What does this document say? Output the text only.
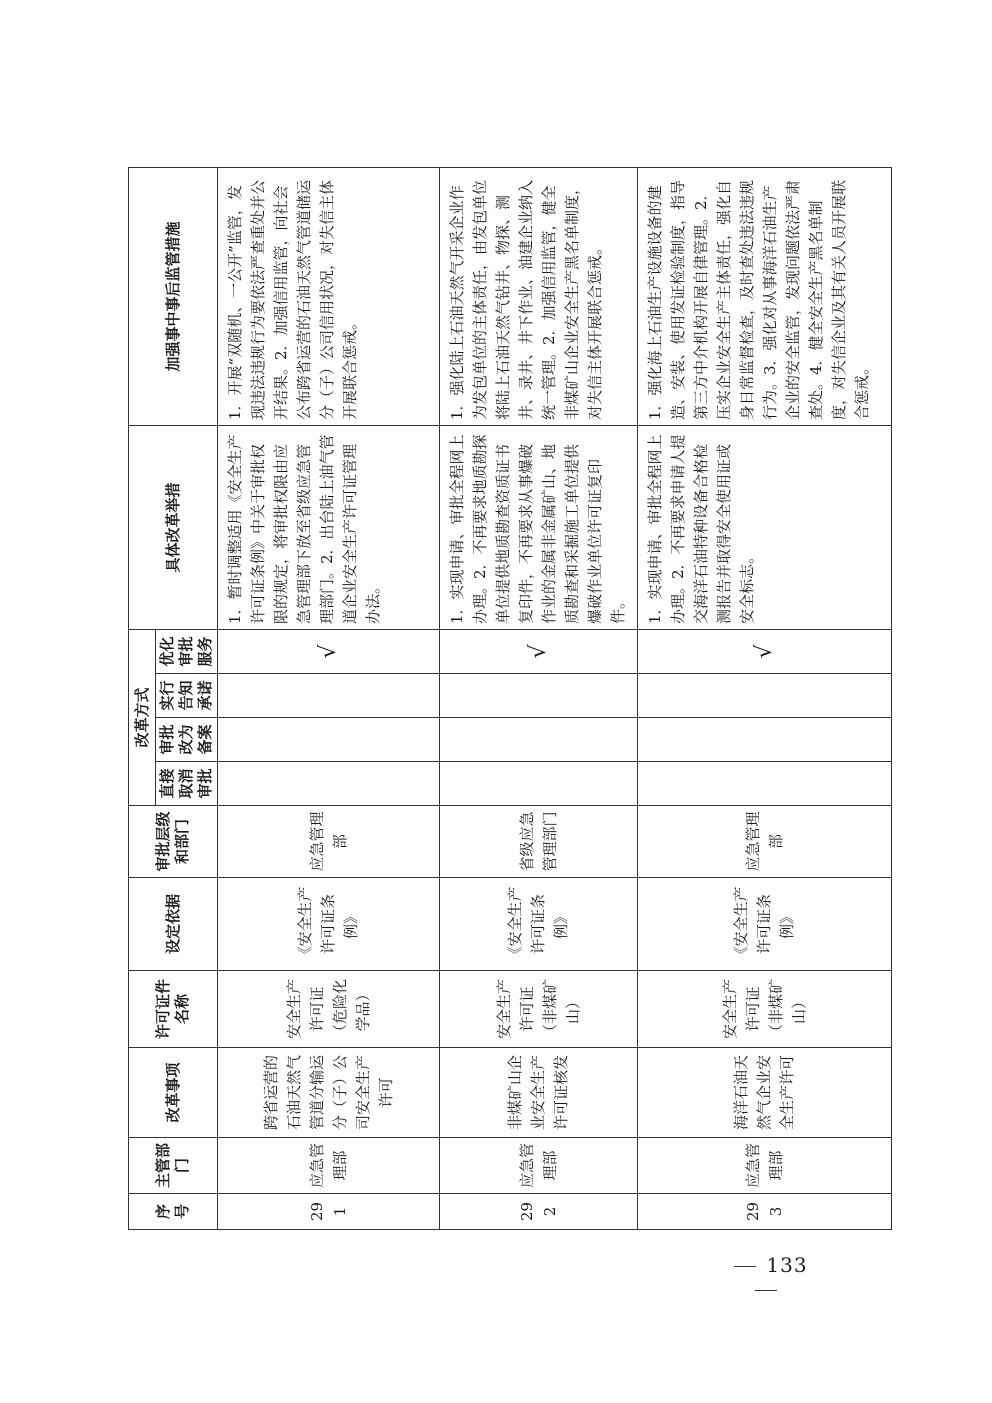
序号	主管部门	改革事项	许可证件名称	设定依据	审批层级和部门	改革方式				具体改革举措	加强事中事后监管措施
						直接取消审批	审批改为备案	实行告知承诺	优化审批服务		
291	应急管理部	跨省运营的石油天然气管道分输运分（子）公司安全生产许可	安全生产许可证（危险化学品）	《安全生产许可证条例》	应急管理部				√	1．暂时调整适用《安全生产许可证条例》中关于审批权限的规定，将审批权限由应急管理部下放至省级应急管理部门。2．出台陆上油气管道企业安全生产许可证管理办法。	1．开展“双随机、一公开”监管，发现违法违规行为要依法严查重处并公开结果。2．加强信用监管，向社会公布跨省运营的石油天然气管道储运分（子）公司信用状况，对失信主体开展联合惩戒。
292	应急管理部	非煤矿山企业安全生产许可证核发	安全生产许可证（非煤矿山）	《安全生产许可证条例》	省级应急管理部门				√	1．实现申请、审批全程网上办理。2．不再要求地质勘探单位提供地质勘查资质证书复印件，不再要求从事爆破作业的金属非金属矿山、地质勘查和采掘施工单位提供爆破作业单位许可证复印件。	1．强化陆上石油天然气开采企业作为发包单位的主体责任，由发包单位将陆上石油天然气钻井、物探、测井、录井、井下作业、油建企业纳入统一管理。2．加强信用监管，健全非煤矿山企业安全生产黑名单制度，对失信主体开展联合惩戒。
293	应急管理部	海洋石油天然气企业安全生产许可	安全生产许可证（非煤矿山）	《安全生产许可证条例》	应急管理部				√	1．实现申请、审批全程网上办理。2．不再要求申请人提交海洋石油特种设备合格检测报告并取得安全使用证或安全标志。	1．强化海上石油生产设施设备的建造、安装、使用发证检验制度，指导第三方中介机构开展自律管理。2．压实企业安全生产主体责任，强化自身日常监督检查，及时查处违法违规行为。3．强化对从事海洋石油生产企业的安全监管，发现问题依法严肃查处。4．健全安全生产黑名单制度，对失信企业及其有关人员开展联合惩戒。
133
